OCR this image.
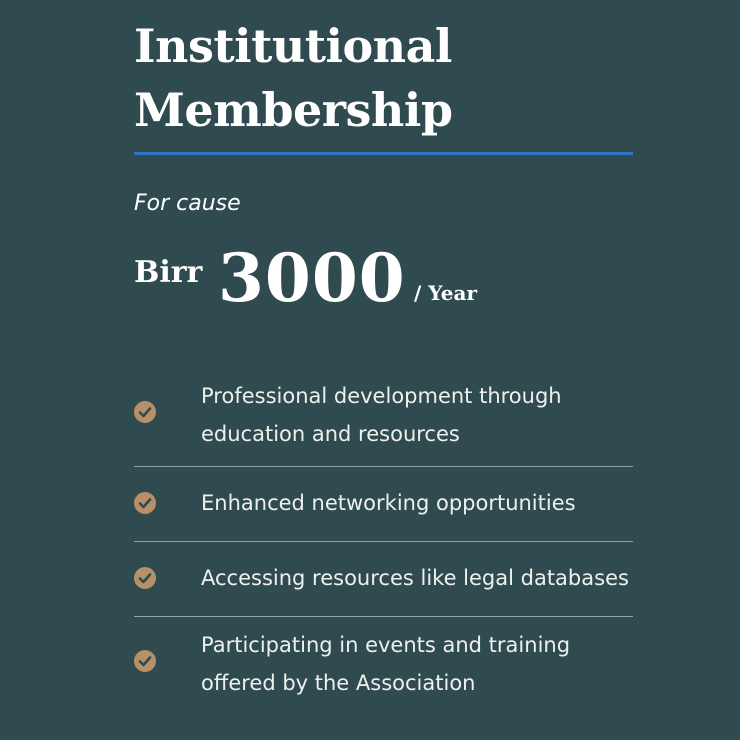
Institutional
Membership
For cause
Birr 3000 / Year
Professional development through
education and resources
Enhanced networking opportunities
Accessing resources like legal databases
Participating in events and training
offered by the Association
